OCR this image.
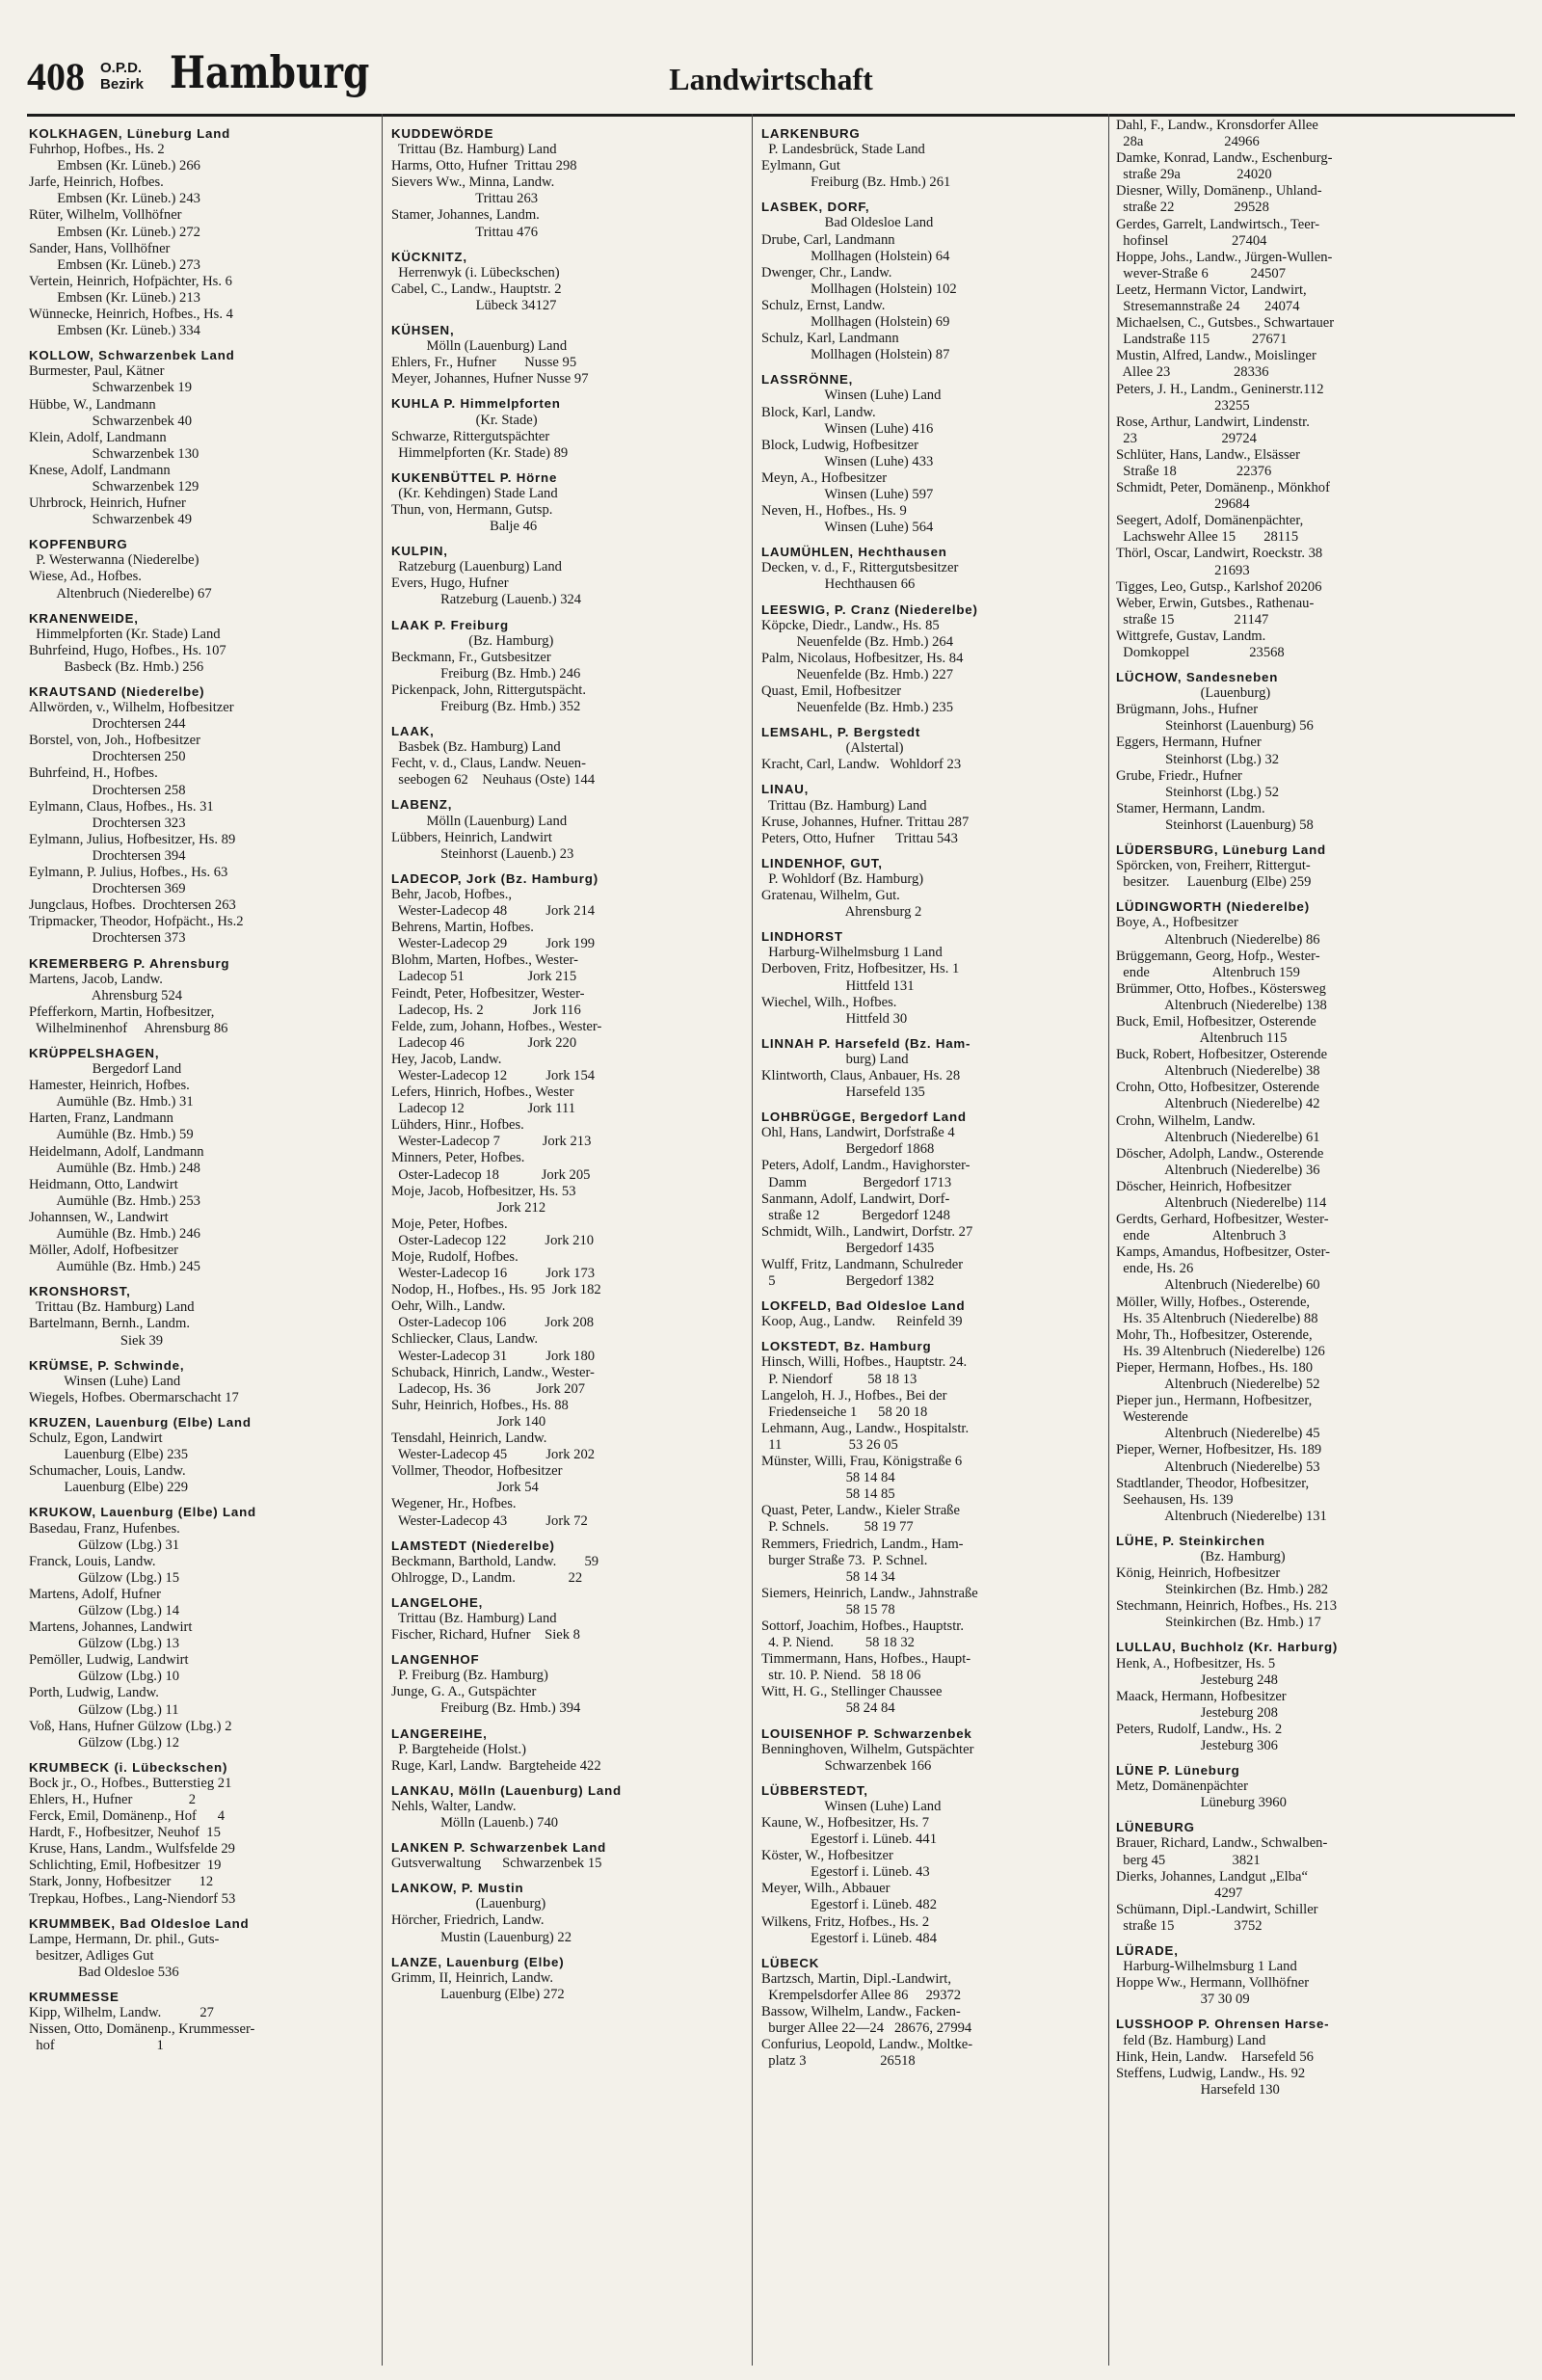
408 O.P.D.
Bezirk Hamburg	Landwirtschaft
KOLKHAGEN, Lüneburg Land
Fuhrhop, Hofbes., Hs. 2
Embsen (Kr. Lüneb.) 266
Jarfe, Heinrich, Hofbes.
Embsen (Kr. Lüneb.) 243
Rüter, Wilhelm, Vollhöfner
Embsen (Kr. Lüneb.) 272
Sander, Hans, Vollhöfner
Embsen (Kr. Lüneb.) 273
Vertein, Heinrich, Hofpächter, Hs. 6
Embsen (Kr. Lüneb.) 213
Wünnecke, Heinrich, Hofbes., Hs. 4
Embsen (Kr. Lüneb.) 334
KOLLOW, Schwarzenbek Land
Burmester, Paul, Kätner
Schwarzenbek 19
Hübbe, W., Landmann
Schwarzenbek 40
Klein, Adolf, Landmann
Schwarzenbek 130
Knese, Adolf, Landmann
Schwarzenbek 129
Uhrbrock, Heinrich, Hufner
Schwarzenbek 49
KOPFENBURG
P. Westerwanna (Niederelbe)
Wiese, Ad., Hofbes.
Altenbruch (Niederelbe) 67
KRANENWEIDE,
Himmelpforten (Kr. Stade) Land
Buhrfeind, Hugo, Hofbes., Hs. 107
Basbeck (Bz. Hmb.) 256
KRAUTSAND (Niederelbe)
Allwörden, v., Wilhelm, Hofbesitzer
Drochtersen 244
Borstel, von, Joh., Hofbesitzer
Drochtersen 250
Buhrfeind, H., Hofbes.
Drochtersen 258
Eylmann, Claus, Hofbes., Hs. 31
Drochtersen 323
Eylmann, Julius, Hofbesitzer, Hs. 89
Drochtersen 394
Eylmann, P. Julius, Hofbes., Hs. 63
Drochtersen 369
Jungclaus, Hofbes.  Drochtersen 263
Tripmacker, Theodor, Hofpächt., Hs.2
Drochtersen 373
KREMERBERG P. Ahrensburg
Martens, Jacob, Landw.
Ahrensburg 524
Pfefferkorn, Martin, Hofbesitzer,
Wilhelminenhof     Ahrensburg 86
KRÜPPELSHAGEN,
Bergedorf Land
Hamester, Heinrich, Hofbes.
Aumühle (Bz. Hmb.) 31
Harten, Franz, Landmann
Aumühle (Bz. Hmb.) 59
Heidelmann, Adolf, Landmann
Aumühle (Bz. Hmb.) 248
Heidmann, Otto, Landwirt
Aumühle (Bz. Hmb.) 253
Johannsen, W., Landwirt
Aumühle (Bz. Hmb.) 246
Möller, Adolf, Hofbesitzer
Aumühle (Bz. Hmb.) 245
KRONSHORST,
Trittau (Bz. Hamburg) Land
Bartelmann, Bernh., Landm.
Siek 39
KRÜMSE, P. Schwinde,
Winsen (Luhe) Land
Wiegels, Hofbes. Obermarschacht 17
KRUZEN, Lauenburg (Elbe) Land
Schulz, Egon, Landwirt
Lauenburg (Elbe) 235
Schumacher, Louis, Landw.
Lauenburg (Elbe) 229
KRUKOW, Lauenburg (Elbe) Land
Basedau, Franz, Hufenbes.
Gülzow (Lbg.) 31
Franck, Louis, Landw.
Gülzow (Lbg.) 15
Martens, Adolf, Hufner
Gülzow (Lbg.) 14
Martens, Johannes, Landwirt
Gülzow (Lbg.) 13
Pemöller, Ludwig, Landwirt
Gülzow (Lbg.) 10
Porth, Ludwig, Landw.
Gülzow (Lbg.) 11
Voß, Hans, Hufner Gülzow (Lbg.) 2
Gülzow (Lbg.) 12
KRUMBECK (i. Lübeckschen)
Bock jr., O., Hofbes., Butterstieg 21
Ehlers, H., Hufner                2
Ferck, Emil, Domänenp., Hof      4
Hardt, F., Hofbesitzer, Neuhof  15
Kruse, Hans, Landm., Wulfsfelde 29
Schlichting, Emil, Hofbesitzer  19
Stark, Jonny, Hofbesitzer        12
Trepkau, Hofbes., Lang-Niendorf 53
KRUMMBEK, Bad Oldesloe Land
Lampe, Hermann, Dr. phil., Guts-
besitzer, Adliges Gut
Bad Oldesloe 536
KRUMMESSE
Kipp, Wilhelm, Landw.           27
Nissen, Otto, Domänenp., Krummesser-
hof                             1
KUDDEWÖRDE
Trittau (Bz. Hamburg) Land
Harms, Otto, Hufner  Trittau 298
Sievers Ww., Minna, Landw.
Trittau 263
Stamer, Johannes, Landm.
Trittau 476
KÜCKNITZ,
Herrenwyk (i. Lübeckschen)
Cabel, C., Landw., Hauptstr. 2
Lübeck 34127
KÜHSEN,
Mölln (Lauenburg) Land
Ehlers, Fr., Hufner        Nusse 95
Meyer, Johannes, Hufner Nusse 97
KUHLA P. Himmelpforten
(Kr. Stade)
Schwarze, Rittergutspächter
Himmelpforten (Kr. Stade) 89
KUKENBÜTTEL P. Hörne
(Kr. Kehdingen) Stade Land
Thun, von, Hermann, Gutsp.
Balje 46
KULPIN,
Ratzeburg (Lauenburg) Land
Evers, Hugo, Hufner
Ratzeburg (Lauenb.) 324
LAAK P. Freiburg
(Bz. Hamburg)
Beckmann, Fr., Gutsbesitzer
Freiburg (Bz. Hmb.) 246
Pickenpack, John, Rittergutspächt.
Freiburg (Bz. Hmb.) 352
LAAK,
Basbek (Bz. Hamburg) Land
Fecht, v. d., Claus, Landw. Neuen-
seebogen 62    Neuhaus (Oste) 144
LABENZ,
Mölln (Lauenburg) Land
Lübbers, Heinrich, Landwirt
Steinhorst (Lauenb.) 23
LADECOP, Jork (Bz. Hamburg)
Behr, Jacob, Hofbes.,
Wester-Ladecop 48           Jork 214
Behrens, Martin, Hofbes.
Wester-Ladecop 29           Jork 199
Blohm, Marten, Hofbes., Wester-
Ladecop 51                  Jork 215
Feindt, Peter, Hofbesitzer, Wester-
Ladecop, Hs. 2              Jork 116
Felde, zum, Johann, Hofbes., Wester-
Ladecop 46                  Jork 220
Hey, Jacob, Landw.
Wester-Ladecop 12           Jork 154
Lefers, Hinrich, Hofbes., Wester
Ladecop 12                  Jork 111
Lühders, Hinr., Hofbes.
Wester-Ladecop 7            Jork 213
Minners, Peter, Hofbes.
Oster-Ladecop 18            Jork 205
Moje, Jacob, Hofbesitzer, Hs. 53
Jork 212
Moje, Peter, Hofbes.
Oster-Ladecop 122           Jork 210
Moje, Rudolf, Hofbes.
Wester-Ladecop 16           Jork 173
Nodop, H., Hofbes., Hs. 95  Jork 182
Oehr, Wilh., Landw.
Oster-Ladecop 106           Jork 208
Schliecker, Claus, Landw.
Wester-Ladecop 31           Jork 180
Schuback, Hinrich, Landw., Wester-
Ladecop, Hs. 36             Jork 207
Suhr, Heinrich, Hofbes., Hs. 88
Jork 140
Tensdahl, Heinrich, Landw.
Wester-Ladecop 45           Jork 202
Vollmer, Theodor, Hofbesitzer
Jork 54
Wegener, Hr., Hofbes.
Wester-Ladecop 43           Jork 72
LAMSTEDT (Niederelbe)
Beckmann, Barthold, Landw.        59
Ohlrogge, D., Landm.               22
LANGELOHE,
Trittau (Bz. Hamburg) Land
Fischer, Richard, Hufner    Siek 8
LANGENHOF
P. Freiburg (Bz. Hamburg)
Junge, G. A., Gutspächter
Freiburg (Bz. Hmb.) 394
LANGEREIHE,
P. Bargteheide (Holst.)
Ruge, Karl, Landw.  Bargteheide 422
LANKAU, Mölln (Lauenburg) Land
Nehls, Walter, Landw.
Mölln (Lauenb.) 740
LANKEN P. Schwarzenbek Land
Gutsverwaltung      Schwarzenbek 15
LANKOW, P. Mustin
(Lauenburg)
Hörcher, Friedrich, Landw.
Mustin (Lauenburg) 22
LANZE, Lauenburg (Elbe)
Grimm, II, Heinrich, Landw.
Lauenburg (Elbe) 272
LARKENBURG
P. Landesbrück, Stade Land
Eylmann, Gut
Freiburg (Bz. Hmb.) 261
LASBEK, DORF,
Bad Oldesloe Land
Drube, Carl, Landmann
Mollhagen (Holstein) 64
Dwenger, Chr., Landw.
Mollhagen (Holstein) 102
Schulz, Ernst, Landw.
Mollhagen (Holstein) 69
Schulz, Karl, Landmann
Mollhagen (Holstein) 87
LASSRÖNNE,
Winsen (Luhe) Land
Block, Karl, Landw.
Winsen (Luhe) 416
Block, Ludwig, Hofbesitzer
Winsen (Luhe) 433
Meyn, A., Hofbesitzer
Winsen (Luhe) 597
Neven, H., Hofbes., Hs. 9
Winsen (Luhe) 564
LAUMÜHLEN, Hechthausen
Decken, v. d., F., Rittergutsbesitzer
Hechthausen 66
LEESWIG, P. Cranz (Niederelbe)
Köpcke, Diedr., Landw., Hs. 85
Neuenfelde (Bz. Hmb.) 264
Palm, Nicolaus, Hofbesitzer, Hs. 84
Neuenfelde (Bz. Hmb.) 227
Quast, Emil, Hofbesitzer
Neuenfelde (Bz. Hmb.) 235
LEMSAHL, P. Bergstedt
(Alstertal)
Kracht, Carl, Landw.   Wohldorf 23
LINAU,
Trittau (Bz. Hamburg) Land
Kruse, Johannes, Hufner. Trittau 287
Peters, Otto, Hufner      Trittau 543
LINDENHOF, GUT,
P. Wohldorf (Bz. Hamburg)
Gratenau, Wilhelm, Gut.
Ahrensburg 2
LINDHORST
Harburg-Wilhelmsburg 1 Land
Derboven, Fritz, Hofbesitzer, Hs. 1
Hittfeld 131
Wiechel, Wilh., Hofbes.
Hittfeld 30
LINNAH P. Harsefeld (Bz. Ham-
burg) Land
Klintworth, Claus, Anbauer, Hs. 28
Harsefeld 135
LOHBRÜGGE, Bergedorf Land
Ohl, Hans, Landwirt, Dorfstraße 4
Bergedorf 1868
Peters, Adolf, Landm., Havighorster-
Damm                Bergedorf 1713
Sanmann, Adolf, Landwirt, Dorf-
straße 12            Bergedorf 1248
Schmidt, Wilh., Landwirt, Dorfstr. 27
Bergedorf 1435
Wulff, Fritz, Landmann, Schulreder
5                    Bergedorf 1382
LOKFELD, Bad Oldesloe Land
Koop, Aug., Landw.      Reinfeld 39
LOKSTEDT, Bz. Hamburg
Hinsch, Willi, Hofbes., Hauptstr. 24.
P. Niendorf          58 18 13
Langeloh, H. J., Hofbes., Bei der
Friedenseiche 1      58 20 18
Lehmann, Aug., Landw., Hospitalstr.
11                   53 26 05
Münster, Willi, Frau, Königstraße 6
58 14 84
58 14 85
Quast, Peter, Landw., Kieler Straße
P. Schnels.          58 19 77
Remmers, Friedrich, Landm., Ham-
burger Straße 73.  P. Schnel.
58 14 34
Siemers, Heinrich, Landw., Jahnstraße
58 15 78
Sottorf, Joachim, Hofbes., Hauptstr.
4. P. Niend.         58 18 32
Timmermann, Hans, Hofbes., Haupt-
str. 10. P. Niend.   58 18 06
Witt, H. G., Stellinger Chaussee
58 24 84
LOUISENHOF P. Schwarzenbek
Benninghoven, Wilhelm, Gutspächter
Schwarzenbek 166
LÜBBERSTEDT,
Winsen (Luhe) Land
Kaune, W., Hofbesitzer, Hs. 7
Egestorf i. Lüneb. 441
Köster, W., Hofbesitzer
Egestorf i. Lüneb. 43
Meyer, Wilh., Abbauer
Egestorf i. Lüneb. 482
Wilkens, Fritz, Hofbes., Hs. 2
Egestorf i. Lüneb. 484
LÜBECK
Bartzsch, Martin, Dipl.-Landwirt,
Krempelsdorfer Allee 86     29372
Bassow, Wilhelm, Landw., Facken-
burger Allee 22—24   28676, 27994
Confurius, Leopold, Landw., Moltke-
platz 3                     26518
Dahl, F., Landw., Kronsdorfer Allee
28a                       24966
Damke, Konrad, Landw., Eschenburg-
straße 29a                24020
Diesner, Willy, Domänenp., Uhland-
straße 22                 29528
Gerdes, Garrelt, Landwirtsch., Teer-
hofinsel                  27404
Hoppe, Johs., Landw., Jürgen-Wullen-
wever-Straße 6            24507
Leetz, Hermann Victor, Landwirt,
Stresemannstraße 24       24074
Michaelsen, C., Gutsbes., Schwartauer
Landstraße 115            27671
Mustin, Alfred, Landw., Moislinger
Allee 23                  28336
Peters, J. H., Landm., Geninerstr.112
23255
Rose, Arthur, Landwirt, Lindenstr.
23                        29724
Schlüter, Hans, Landw., Elsässer
Straße 18                 22376
Schmidt, Peter, Domänenp., Mönkhof
29684
Seegert, Adolf, Domänenpächter,
Lachswehr Allee 15        28115
Thörl, Oscar, Landwirt, Roeckstr. 38
21693
Tigges, Leo, Gutsp., Karlshof 20206
Weber, Erwin, Gutsbes., Rathenau-
straße 15                 21147
Wittgrefe, Gustav, Landm.
Domkoppel                 23568
LÜCHOW, Sandesneben
(Lauenburg)
Brügmann, Johs., Hufner
Steinhorst (Lauenburg) 56
Eggers, Hermann, Hufner
Steinhorst (Lbg.) 32
Grube, Friedr., Hufner
Steinhorst (Lbg.) 52
Stamer, Hermann, Landm.
Steinhorst (Lauenburg) 58
LÜDERSBURG, Lüneburg Land
Spörcken, von, Freiherr, Rittergut-
besitzer.     Lauenburg (Elbe) 259
LÜDINGWORTH (Niederelbe)
Boye, A., Hofbesitzer
Altenbruch (Niederelbe) 86
Brüggemann, Georg, Hofp., Wester-
ende                  Altenbruch 159
Brümmer, Otto, Hofbes., Köstersweg
Altenbruch (Niederelbe) 138
Buck, Emil, Hofbesitzer, Osterende
Altenbruch 115
Buck, Robert, Hofbesitzer, Osterende
Altenbruch (Niederelbe) 38
Crohn, Otto, Hofbesitzer, Osterende
Altenbruch (Niederelbe) 42
Crohn, Wilhelm, Landw.
Altenbruch (Niederelbe) 61
Döscher, Adolph, Landw., Osterende
Altenbruch (Niederelbe) 36
Döscher, Heinrich, Hofbesitzer
Altenbruch (Niederelbe) 114
Gerdts, Gerhard, Hofbesitzer, Wester-
ende                  Altenbruch 3
Kamps, Amandus, Hofbesitzer, Oster-
ende, Hs. 26
Altenbruch (Niederelbe) 60
Möller, Willy, Hofbes., Osterende,
Hs. 35 Altenbruch (Niederelbe) 88
Mohr, Th., Hofbesitzer, Osterende,
Hs. 39 Altenbruch (Niederelbe) 126
Pieper, Hermann, Hofbes., Hs. 180
Altenbruch (Niederelbe) 52
Pieper jun., Hermann, Hofbesitzer,
Westerende
Altenbruch (Niederelbe) 45
Pieper, Werner, Hofbesitzer, Hs. 189
Altenbruch (Niederelbe) 53
Stadtlander, Theodor, Hofbesitzer,
Seehausen, Hs. 139
Altenbruch (Niederelbe) 131
LÜHE, P. Steinkirchen
(Bz. Hamburg)
König, Heinrich, Hofbesitzer
Steinkirchen (Bz. Hmb.) 282
Stechmann, Heinrich, Hofbes., Hs. 213
Steinkirchen (Bz. Hmb.) 17
LULLAU, Buchholz (Kr. Harburg)
Henk, A., Hofbesitzer, Hs. 5
Jesteburg 248
Maack, Hermann, Hofbesitzer
Jesteburg 208
Peters, Rudolf, Landw., Hs. 2
Jesteburg 306
LÜNE P. Lüneburg
Metz, Domänenpächter
Lüneburg 3960
LÜNEBURG
Brauer, Richard, Landw., Schwalben-
berg 45                   3821
Dierks, Johannes, Landgut „Elba“
4297
Schümann, Dipl.-Landwirt, Schiller
straße 15                 3752
LÜRADE,
Harburg-Wilhelmsburg 1 Land
Hoppe Ww., Hermann, Vollhöfner
37 30 09
LUSSHOOP P. Ohrensen Harse-
feld (Bz. Hamburg) Land
Hink, Hein, Landw.    Harsefeld 56
Steffens, Ludwig, Landw., Hs. 92
Harsefeld 130
